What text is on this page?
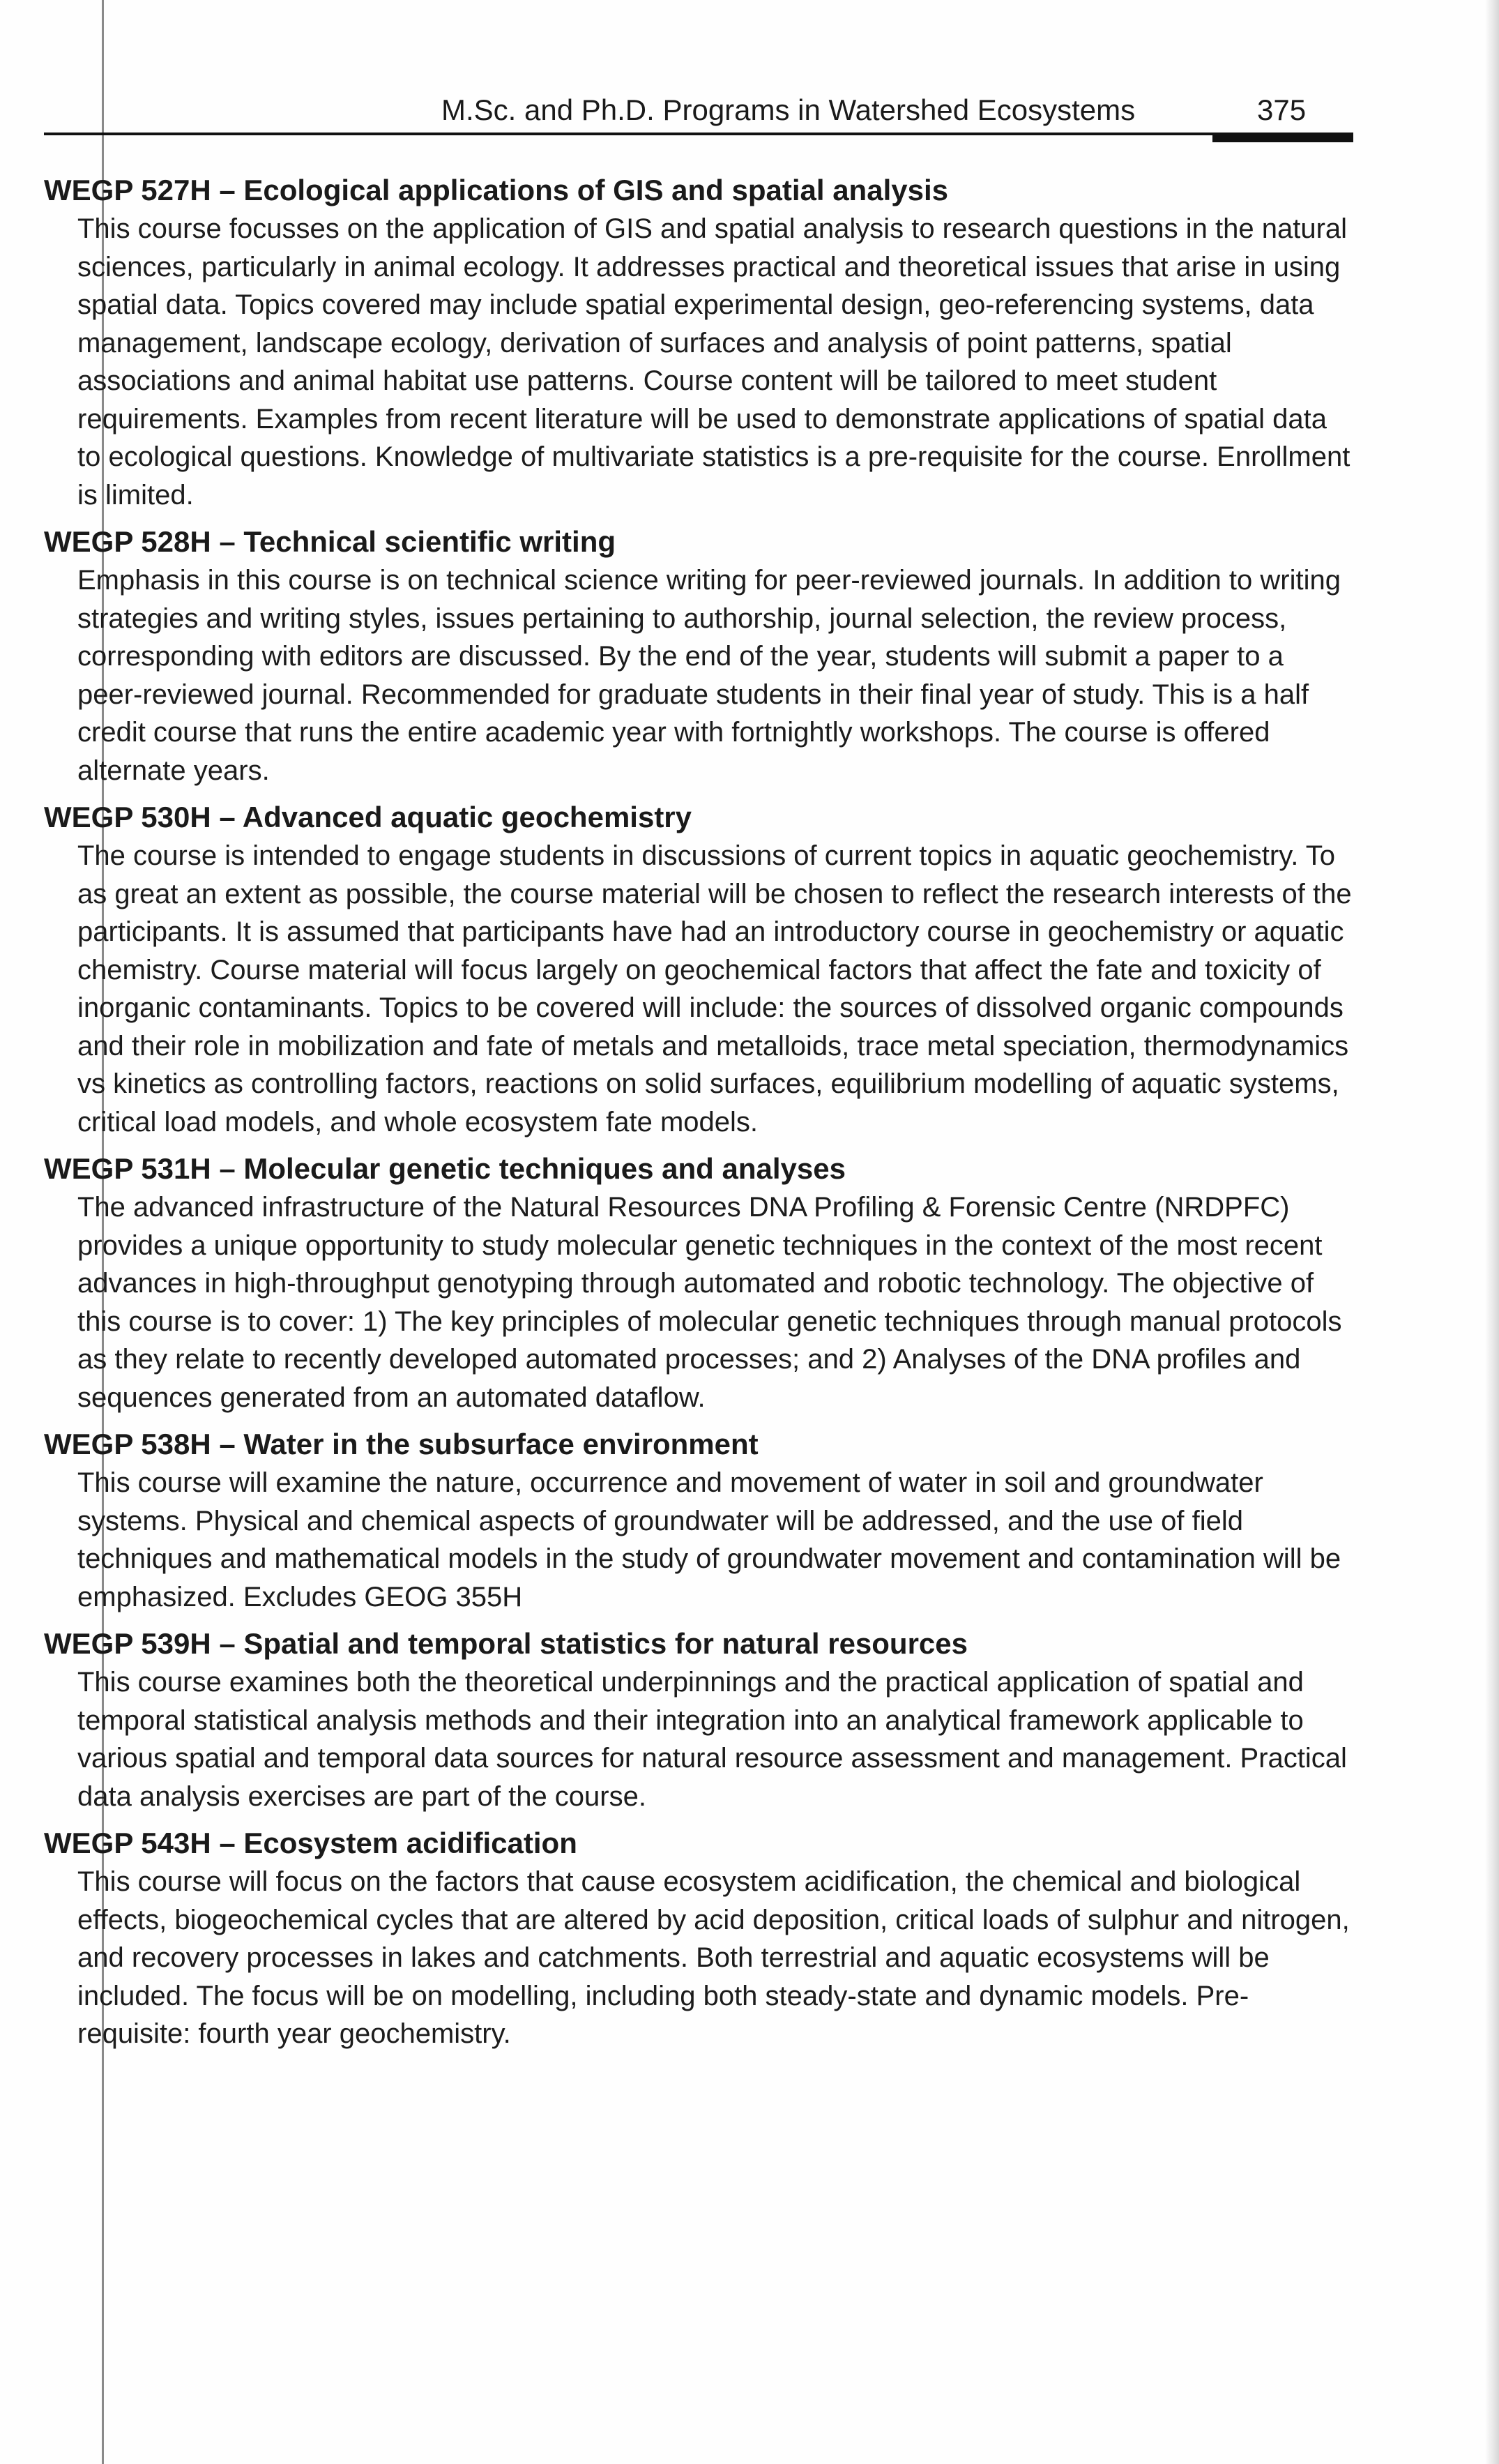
M.Sc. and Ph.D. Programs in Watershed Ecosystems	375

WEGP 527H – Ecological applications of GIS and spatial analysis

This course focusses on the application of GIS and spatial analysis to research questions in the natural sciences, particularly in animal ecology. It addresses practical and theoretical issues that arise in using spatial data. Topics covered may include spatial experimental design, geo-referencing systems, data management, landscape ecology, derivation of surfaces and analysis of point patterns, spatial associations and animal habitat use patterns. Course content will be tailored to meet student requirements. Examples from recent literature will be used to demonstrate applications of spatial data to ecological questions. Knowledge of multivariate statistics is a pre-requisite for the course. Enrollment is limited.

WEGP 528H – Technical scientific writing

Emphasis in this course is on technical science writing for peer-reviewed journals. In addition to writing strategies and writing styles, issues pertaining to authorship, journal selection, the review process, corresponding with editors are discussed. By the end of the year, students will submit a paper to a peer-reviewed journal. Recommended for graduate students in their final year of study. This is a half credit course that runs the entire academic year with fortnightly workshops. The course is offered alternate years.

WEGP 530H – Advanced aquatic geochemistry

The course is intended to engage students in discussions of current topics in aquatic geochemistry. To as great an extent as possible, the course material will be chosen to reflect the research interests of the participants. It is assumed that participants have had an introductory course in geochemistry or aquatic chemistry. Course material will focus largely on geochemical factors that affect the fate and toxicity of inorganic contaminants. Topics to be covered will include: the sources of dissolved organic compounds and their role in mobilization and fate of metals and metalloids, trace metal speciation, thermodynamics vs kinetics as controlling factors, reactions on solid surfaces, equilibrium modelling of aquatic systems, critical load models, and whole ecosystem fate models.

WEGP 531H – Molecular genetic techniques and analyses

The advanced infrastructure of the Natural Resources DNA Profiling & Forensic Centre (NRDPFC) provides a unique opportunity to study molecular genetic techniques in the context of the most recent advances in high-throughput genotyping through automated and robotic technology. The objective of this course is to cover: 1) The key principles of molecular genetic techniques through manual protocols as they relate to recently developed automated processes; and 2) Analyses of the DNA profiles and sequences generated from an automated dataflow.

WEGP 538H – Water in the subsurface environment

This course will examine the nature, occurrence and movement of water in soil and groundwater systems. Physical and chemical aspects of groundwater will be addressed, and the use of field techniques and mathematical models in the study of groundwater movement and contamination will be emphasized. Excludes GEOG 355H

WEGP 539H – Spatial and temporal statistics for natural resources

This course examines both the theoretical underpinnings and the practical application of spatial and temporal statistical analysis methods and their integration into an analytical framework applicable to various spatial and temporal data sources for natural resource assessment and management. Practical data analysis exercises are part of the course.

WEGP 543H – Ecosystem acidification

This course will focus on the factors that cause ecosystem acidification, the chemical and biological effects, biogeochemical cycles that are altered by acid deposition, critical loads of sulphur and nitrogen, and recovery processes in lakes and catchments. Both terrestrial and aquatic ecosystems will be included. The focus will be on modelling, including both steady-state and dynamic models. Pre-requisite: fourth year geochemistry.
